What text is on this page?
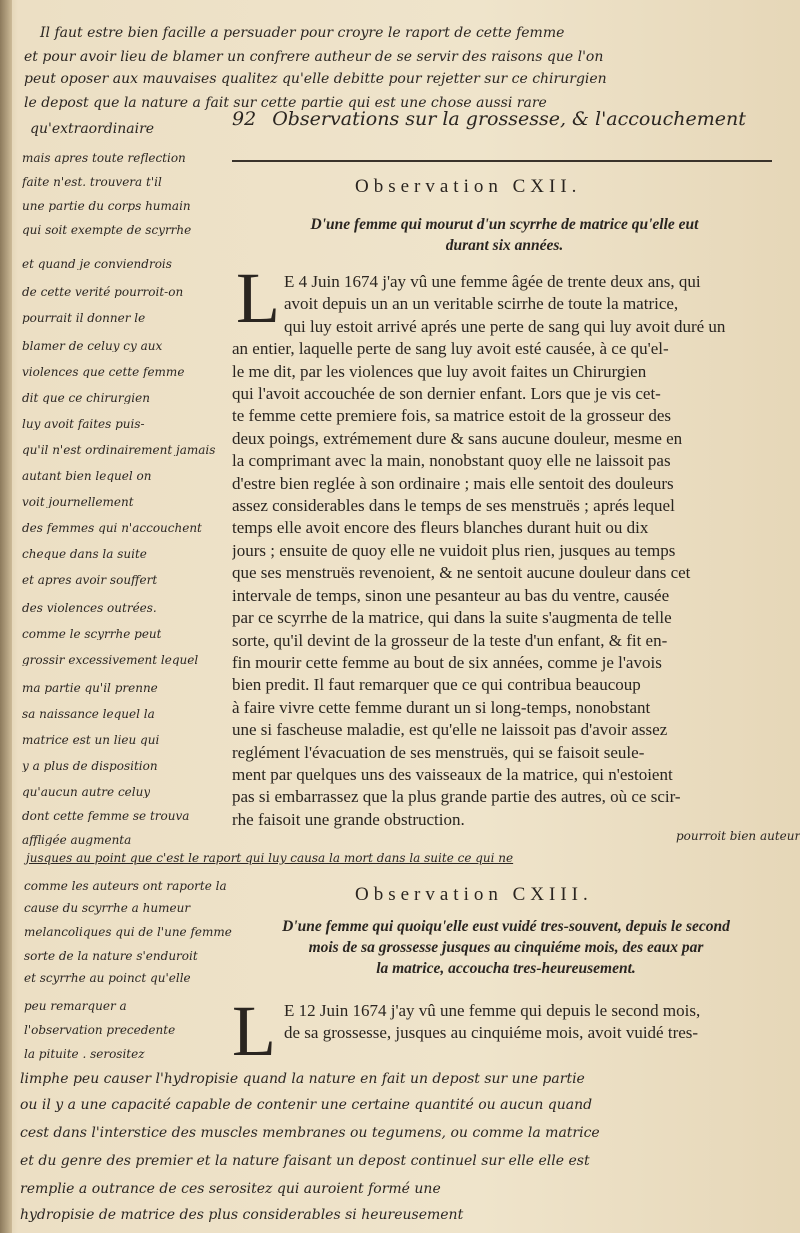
Il faut estre bien facille a persuader pour croyre le raport de cette femme
et pour avoir lieu de blamer un confrere autheur de se servir des raisons que l'on
peut oposer aux mauvaises qualitez qu'elle debitte pour rejetter sur ce chirurgien
le depost que la nature a fait sur cette partie qui est une chose aussi rare
qu'extraordinaire	92 Observations sur la grossesse, & l'accouchement
Observation CXII.
D'une femme qui mourut d'un scyrrhe de matrice qu'elle eut
durant six années.
L E 4 Juin 1674 j'ay vû une femme âgée de trente deux ans, qui
avoit depuis un an un veritable scirrhe de toute la matrice,
qui luy estoit arrivé aprés une perte de sang qui luy avoit duré un
an entier, laquelle perte de sang luy avoit esté causée, à ce qu'el-
le me dit, par les violences que luy avoit faites un Chirurgien
qui l'avoit accouchée de son dernier enfant. Lors que je vis cet-
te femme cette premiere fois, sa matrice estoit de la grosseur des
deux poings, extrémement dure & sans aucune douleur, mesme en
la comprimant avec la main, nonobstant quoy elle ne laissoit pas
d'estre bien reglée à son ordinaire ; mais elle sentoit des douleurs
assez considerables dans le temps de ses menstruës ; aprés lequel
temps elle avoit encore des fleurs blanches durant huit ou dix
jours ; ensuite de quoy elle ne vuidoit plus rien, jusques au temps
que ses menstruës revenoient, & ne sentoit aucune douleur dans cet
intervale de temps, sinon une pesanteur au bas du ventre, causée
par ce scyrrhe de la matrice, qui dans la suite s'augmenta de telle
sorte, qu'il devint de la grosseur de la teste d'un enfant, & fit en-
fin mourir cette femme au bout de six années, comme je l'avois
bien predit. Il faut remarquer que ce qui contribua beaucoup
à faire vivre cette femme durant un si long-temps, nonobstant
une si fascheuse maladie, est qu'elle ne laissoit pas d'avoir assez
reglément l'évacuation de ses menstruës, qui se faisoit seule-
ment par quelques uns des vaisseaux de la matrice, qui n'estoient
pas si embarrassez que la plus grande partie des autres, où ce scir-
rhe faisoit une grande obstruction.
mais apres toute reflection
faite n'est. trouvera t'il
une partie du corps humain
qui soit exempte de scyrrhe
et quand je conviendrois
de cette verité pourroit-on
pourrait il donner le
blamer de celuy cy aux
violences que cette femme
dit que ce chirurgien
luy avoit faites puis-
qu'il n'est ordinairement jamais
autant bien lequel on
voit journellement
des femmes qui n'accouchent
cheque dans la suite
et apres avoir souffert
des violences outrées.
comme le scyrrhe peut
grossir excessivement lequel
ma partie qu'il prenne
sa naissance lequel la
matrice est un lieu qui
y a plus de disposition
qu'aucun autre celuy
dont cette femme se trouva
affligée augmenta	pourroit bien auteur
jusques au point que c'est le raport qui luy causa la mort dans la suite ce qui ne
Observation CXIII.
D'une femme qui quoiqu'elle eust vuidé tres-souvent, depuis le second
mois de sa grossesse jusques au cinquiéme mois, des eaux par
la matrice, accoucha tres-heureusement.
comme les auteurs ont raporte la
cause du scyrrhe a humeur
melancoliques qui de l'une femme
sorte de la nature s'enduroit
et scyrrhe au poinct qu'elle
L E 12 Juin 1674 j'ay vû une femme qui depuis le second mois,
de sa grossesse, jusques au cinquiéme mois, avoit vuidé tres-
peu remarquer a
l'observation precedente
la pituite . serositez
limphe peu causer l'hydropisie quand la nature en fait un depost sur une partie
ou il y a une capacité capable de contenir une certaine quantité ou aucun quand
cest dans l'interstice des muscles membranes ou tegumens, ou comme la matrice
et du genre des premier et la nature faisant un depost continuel sur elle elle est
remplie a outrance de ces serositez qui auroient formé une
hydropisie de matrice des plus considerables si heureusement
